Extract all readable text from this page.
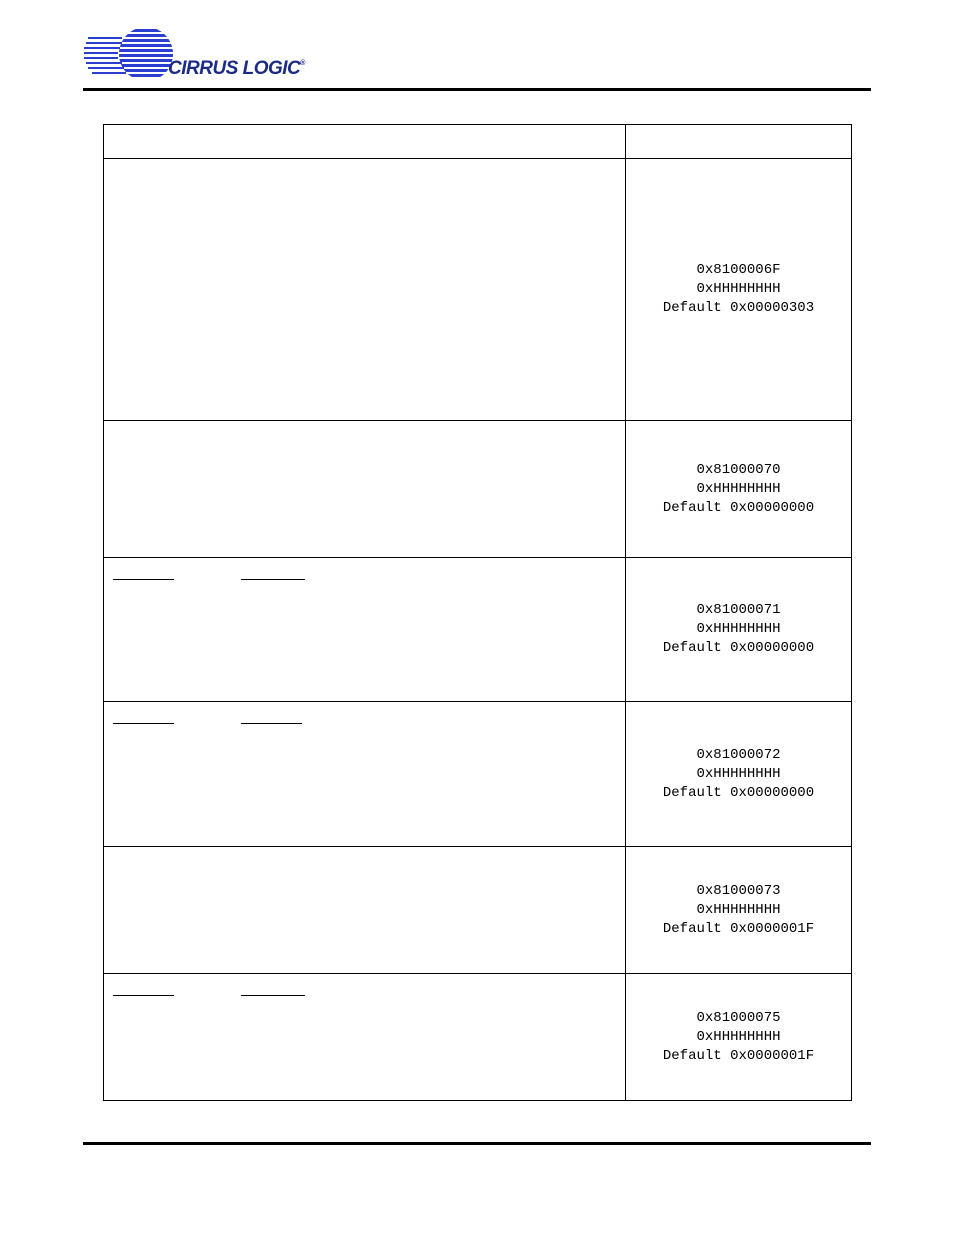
CIRRUS LOGIC®

	0x8100006F
0xHHHHHHHH
Default 0x00000303

	0x81000070
0xHHHHHHHH
Default 0x00000000

	0x81000071
0xHHHHHHHH
Default 0x00000000

	0x81000072
0xHHHHHHHH
Default 0x00000000

	0x81000073
0xHHHHHHHH
Default 0x0000001F

	0x81000075
0xHHHHHHHH
Default 0x0000001F
